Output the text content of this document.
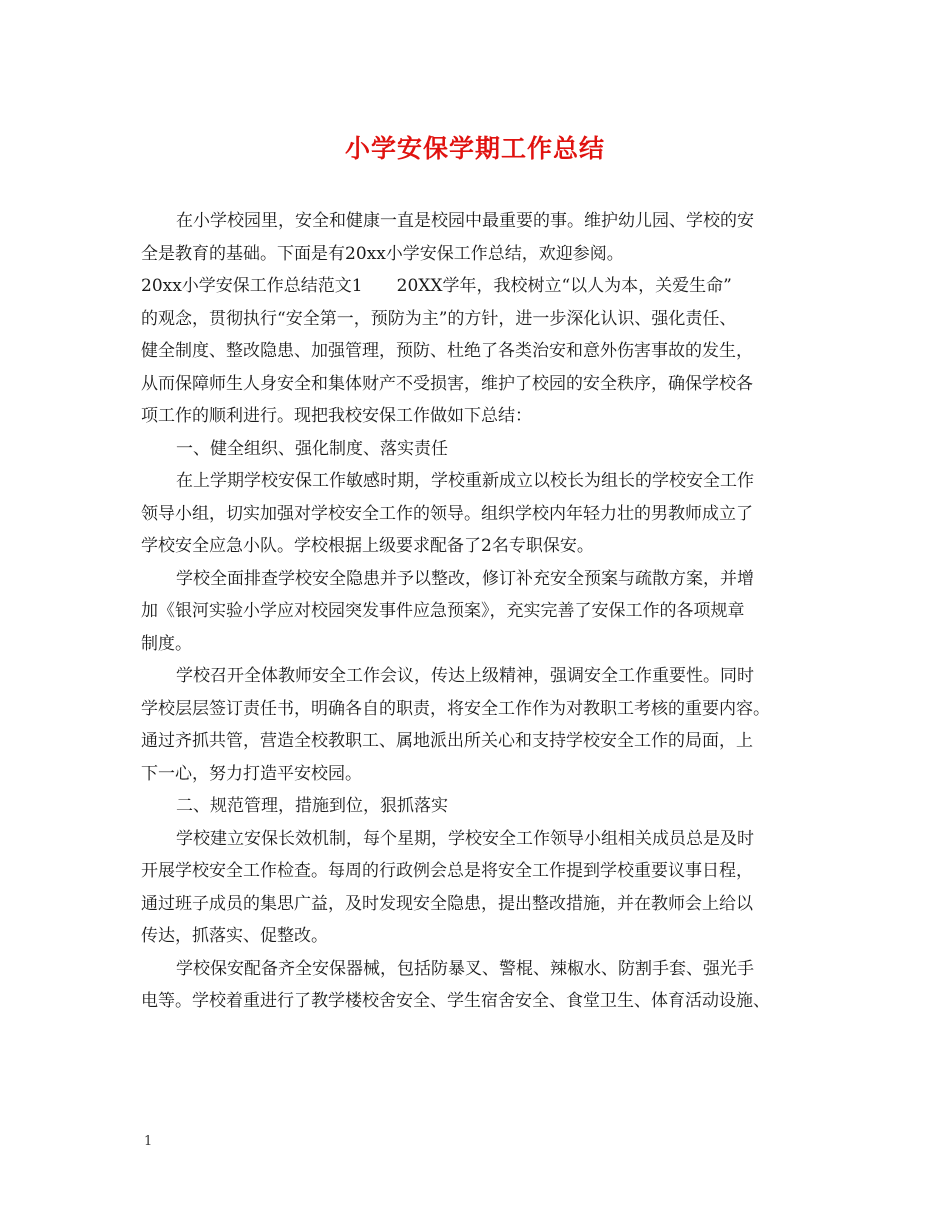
小学安保学期工作总结

在小学校园里，安全和健康一直是校园中最重要的事。维护幼儿园、学校的安

全是教育的基础。下面是有20xx小学安保工作总结，欢迎参阅。

20xx小学安保工作总结范文1　　20XX学年，我校树立“以人为本，关爱生命”

的观念，贯彻执行“安全第一，预防为主”的方针，进一步深化认识、强化责任、

健全制度、整改隐患、加强管理，预防、杜绝了各类治安和意外伤害事故的发生，

从而保障师生人身安全和集体财产不受损害，维护了校园的安全秩序，确保学校各

项工作的顺利进行。现把我校安保工作做如下总结：

一、健全组织、强化制度、落实责任

在上学期学校安保工作敏感时期，学校重新成立以校长为组长的学校安全工作

领导小组，切实加强对学校安全工作的领导。组织学校内年轻力壮的男教师成立了

学校安全应急小队。学校根据上级要求配备了2名专职保安。

学校全面排查学校安全隐患并予以整改，修订补充安全预案与疏散方案，并增

加《银河实验小学应对校园突发事件应急预案》，充实完善了安保工作的各项规章

制度。

学校召开全体教师安全工作会议，传达上级精神，强调安全工作重要性。同时

学校层层签订责任书，明确各自的职责，将安全工作作为对教职工考核的重要内容。

通过齐抓共管，营造全校教职工、属地派出所关心和支持学校安全工作的局面，上

下一心，努力打造平安校园。

二、规范管理，措施到位，狠抓落实

学校建立安保长效机制，每个星期，学校安全工作领导小组相关成员总是及时

开展学校安全工作检查。每周的行政例会总是将安全工作提到学校重要议事日程，

通过班子成员的集思广益，及时发现安全隐患，提出整改措施，并在教师会上给以

传达，抓落实、促整改。

学校保安配备齐全安保器械，包括防暴叉、警棍、辣椒水、防割手套、强光手

电等。学校着重进行了教学楼校舍安全、学生宿舍安全、食堂卫生、体育活动设施、

1
